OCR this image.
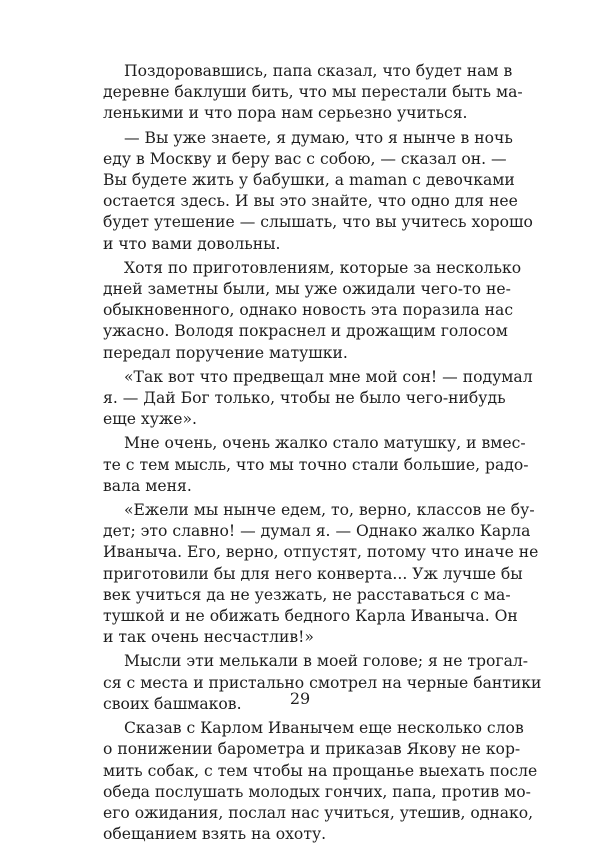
Поздоровавшись, папа сказал, что будет нам в
деревне баклуши бить, что мы перестали быть ма-
ленькими и что пора нам серьезно учиться.
— Вы уже знаете, я думаю, что я нынче в ночь
еду в Москву и беру вас с собою, — сказал он. —
Вы будете жить у бабушки, а maman с девочками
остается здесь. И вы это знайте, что одно для нее
будет утешение — слышать, что вы учитесь хорошо
и что вами довольны.
Хотя по приготовлениям, которые за несколько
дней заметны были, мы уже ожидали чего-то не-
обыкновенного, однако новость эта поразила нас
ужасно. Володя покраснел и дрожащим голосом
передал поручение матушки.
«Так вот что предвещал мне мой сон! — подумал
я. — Дай Бог только, чтобы не было чего-нибудь
еще хуже».
Мне очень, очень жалко стало матушку, и вмес-
те с тем мысль, что мы точно стали большие, радо-
вала меня.
«Ежели мы нынче едем, то, верно, классов не бу-
дет; это славно! — думал я. — Однако жалко Карла
Иваныча. Его, верно, отпустят, потому что иначе не
приготовили бы для него конверта... Уж лучше бы
век учиться да не уезжать, не расставаться с ма-
тушкой и не обижать бедного Карла Иваныча. Он
и так очень несчастлив!»
Мысли эти мелькали в моей голове; я не трогал-
ся с места и пристально смотрел на черные бантики
своих башмаков.
Сказав с Карлом Иванычем еще несколько слов
о понижении барометра и приказав Якову не кор-
мить собак, с тем чтобы на прощанье выехать после
обеда послушать молодых гончих, папа, против мо-
его ожидания, послал нас учиться, утешив, однако,
обещанием взять на охоту.
29
